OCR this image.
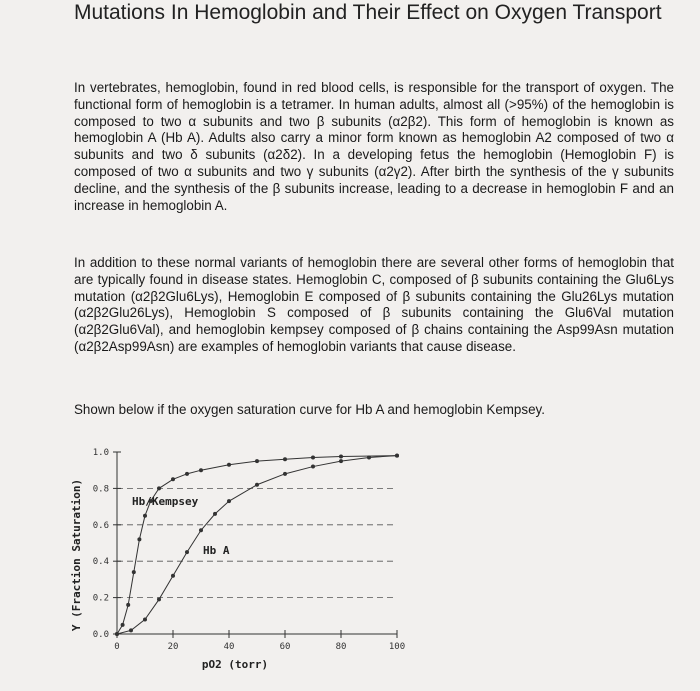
Mutations In Hemoglobin and Their Effect on Oxygen Transport
In vertebrates, hemoglobin, found in red blood cells, is responsible for the transport of oxygen. The functional form of hemoglobin is a tetramer. In human adults, almost all (>95%) of the hemoglobin is composed to two α subunits and two β subunits (α2β2). This form of hemoglobin is known as hemoglobin A (Hb A). Adults also carry a minor form known as hemoglobin A2 composed of two α subunits and two δ subunits (α2δ2). In a developing fetus the hemoglobin (Hemoglobin F) is composed of two α subunits and two γ subunits (α2γ2). After birth the synthesis of the γ subunits decline, and the synthesis of the β subunits increase, leading to a decrease in hemoglobin F and an increase in hemoglobin A.
In addition to these normal variants of hemoglobin there are several other forms of hemoglobin that are typically found in disease states. Hemoglobin C, composed of β subunits containing the Glu6Lys mutation (α2β2Glu6Lys), Hemoglobin E composed of β subunits containing the Glu26Lys mutation (α2β2Glu26Lys), Hemoglobin S composed of β subunits containing the Glu6Val mutation (α2β2Glu6Val), and hemoglobin kempsey composed of β chains containing the Asp99Asn mutation (α2β2Asp99Asn) are examples of hemoglobin variants that cause disease.
Shown below if the oxygen saturation curve for Hb A and hemoglobin Kempsey.
0.0
0.2
0.4
0.6
0.8
1.0
0	20	40	60	80	100
Hb/Kempsey
Hb A
pO2 (torr)
Y (Fraction Saturation)
